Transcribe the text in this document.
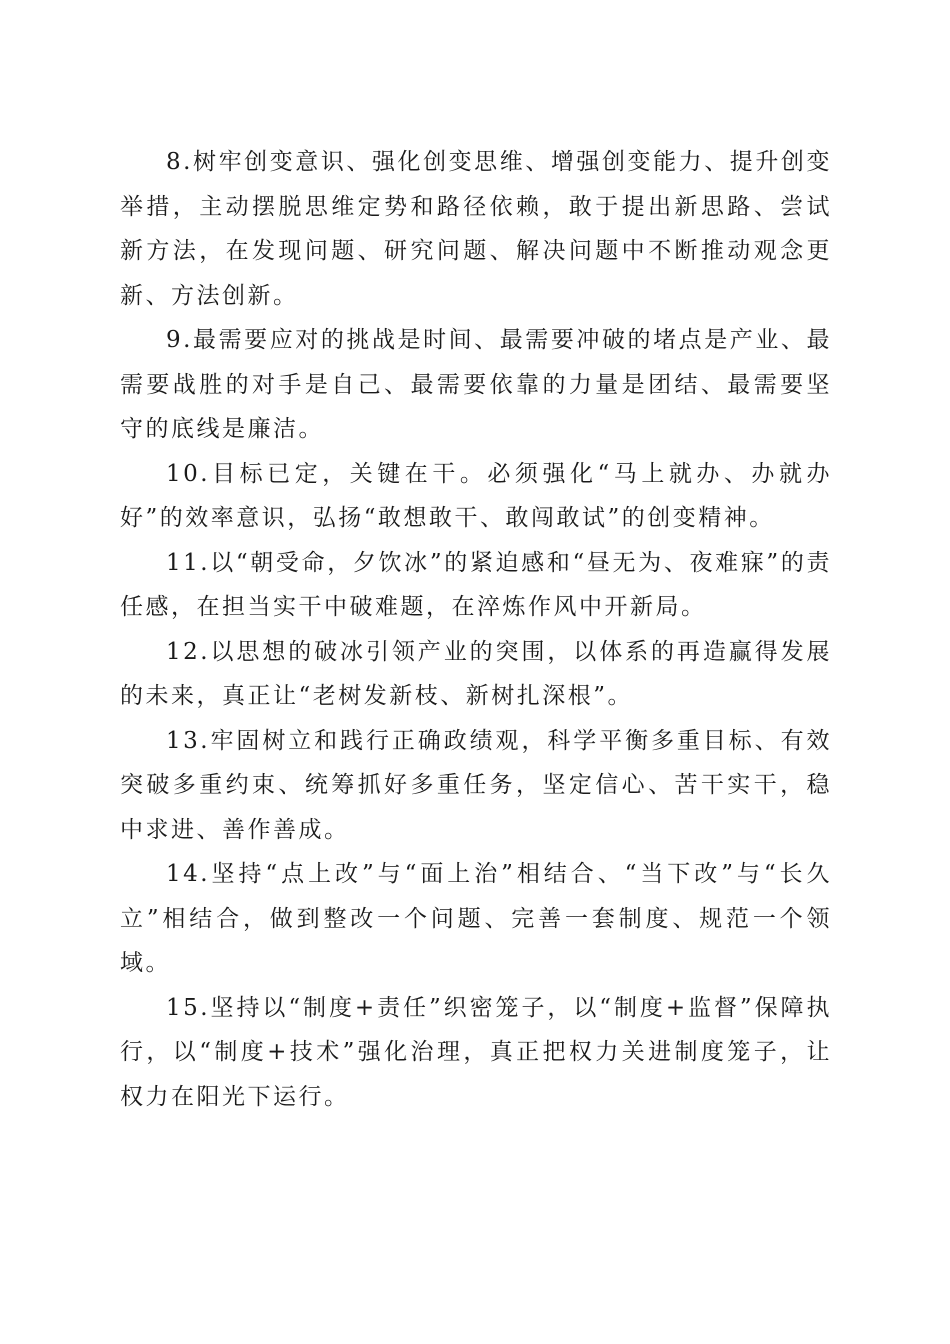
8.树牢创变意识、强化创变思维、增强创变能力、提升创变举措，主动摆脱思维定势和路径依赖，敢于提出新思路、尝试新方法，在发现问题、研究问题、解决问题中不断推动观念更新、方法创新。

9.最需要应对的挑战是时间、最需要冲破的堵点是产业、最需要战胜的对手是自己、最需要依靠的力量是团结、最需要坚守的底线是廉洁。

10.目标已定，关键在干。必须强化“马上就办、办就办好”的效率意识，弘扬“敢想敢干、敢闯敢试”的创变精神。

11.以“朝受命，夕饮冰”的紧迫感和“昼无为、夜难寐”的责任感，在担当实干中破难题，在淬炼作风中开新局。

12.以思想的破冰引领产业的突围，以体系的再造赢得发展的未来，真正让“老树发新枝、新树扎深根”。

13.牢固树立和践行正确政绩观，科学平衡多重目标、有效突破多重约束、统筹抓好多重任务，坚定信心、苦干实干，稳中求进、善作善成。

14.坚持“点上改”与“面上治”相结合、“当下改”与“长久立”相结合，做到整改一个问题、完善一套制度、规范一个领域。

15.坚持以“制度+责任”织密笼子，以“制度+监督”保障执行，以“制度+技术”强化治理，真正把权力关进制度笼子，让权力在阳光下运行。
